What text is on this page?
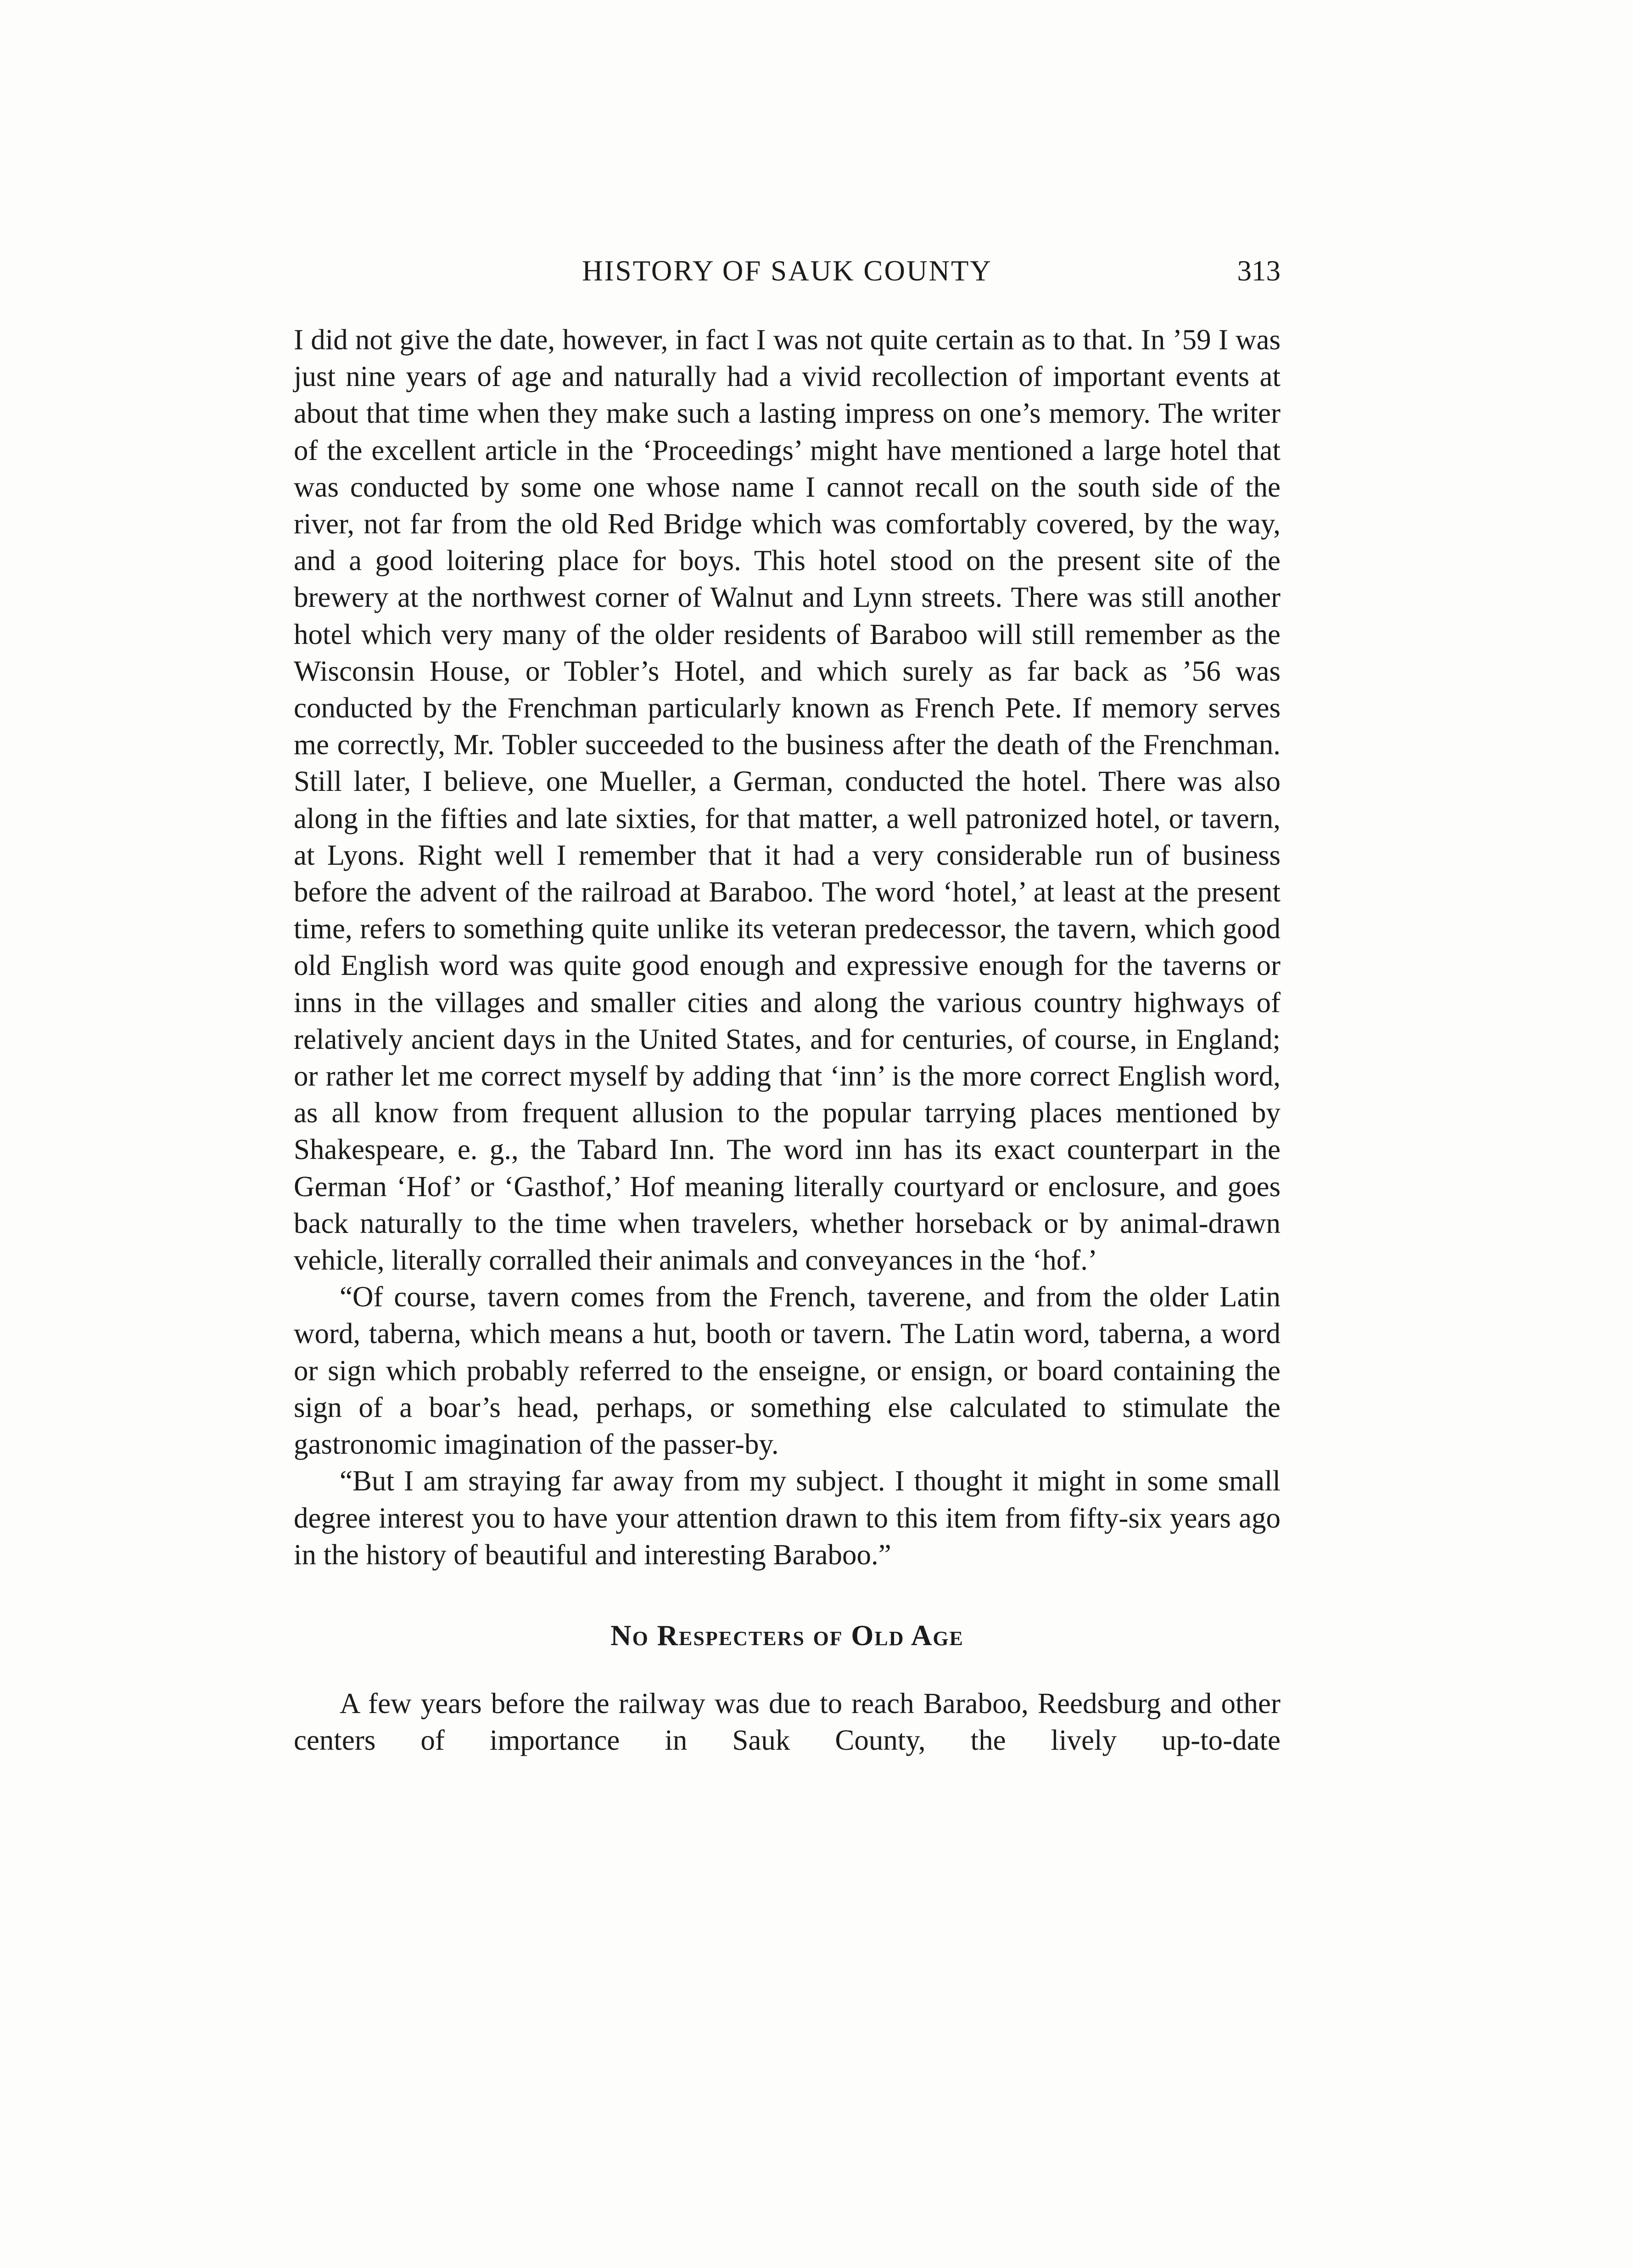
HISTORY OF SAUK COUNTY	313

I did not give the date, however, in fact I was not quite certain as to that. In ’59 I was just nine years of age and naturally had a vivid recollection of important events at about that time when they make such a lasting impress on one’s memory. The writer of the excellent article in the ‘Proceedings’ might have mentioned a large hotel that was conducted by some one whose name I cannot recall on the south side of the river, not far from the old Red Bridge which was comfortably covered, by the way, and a good loitering place for boys. This hotel stood on the present site of the brewery at the northwest corner of Walnut and Lynn streets. There was still another hotel which very many of the older residents of Baraboo will still remember as the Wisconsin House, or Tobler’s Hotel, and which surely as far back as ’56 was conducted by the Frenchman particularly known as French Pete. If memory serves me correctly, Mr. Tobler succeeded to the business after the death of the Frenchman. Still later, I believe, one Mueller, a German, conducted the hotel. There was also along in the fifties and late sixties, for that matter, a well patronized hotel, or tavern, at Lyons. Right well I remember that it had a very considerable run of business before the advent of the railroad at Baraboo. The word ‘hotel,’ at least at the present time, refers to something quite unlike its veteran predecessor, the tavern, which good old English word was quite good enough and expressive enough for the taverns or inns in the villages and smaller cities and along the various country highways of relatively ancient days in the United States, and for centuries, of course, in England; or rather let me correct myself by adding that ‘inn’ is the more correct English word, as all know from frequent allusion to the popular tarrying places mentioned by Shakespeare, e. g., the Tabard Inn. The word inn has its exact counterpart in the German ‘Hof’ or ‘Gasthof,’ Hof meaning literally courtyard or enclosure, and goes back naturally to the time when travelers, whether horseback or by animal-drawn vehicle, literally corralled their animals and conveyances in the ‘hof.’

“Of course, tavern comes from the French, taverene, and from the older Latin word, taberna, which means a hut, booth or tavern. The Latin word, taberna, a word or sign which probably referred to the enseigne, or ensign, or board containing the sign of a boar’s head, perhaps, or something else calculated to stimulate the gastronomic imagination of the passer-by.

“But I am straying far away from my subject. I thought it might in some small degree interest you to have your attention drawn to this item from fifty-six years ago in the history of beautiful and interesting Baraboo.”

No Respecters of Old Age

A few years before the railway was due to reach Baraboo, Reedsburg and other centers of importance in Sauk County, the lively up-to-date
